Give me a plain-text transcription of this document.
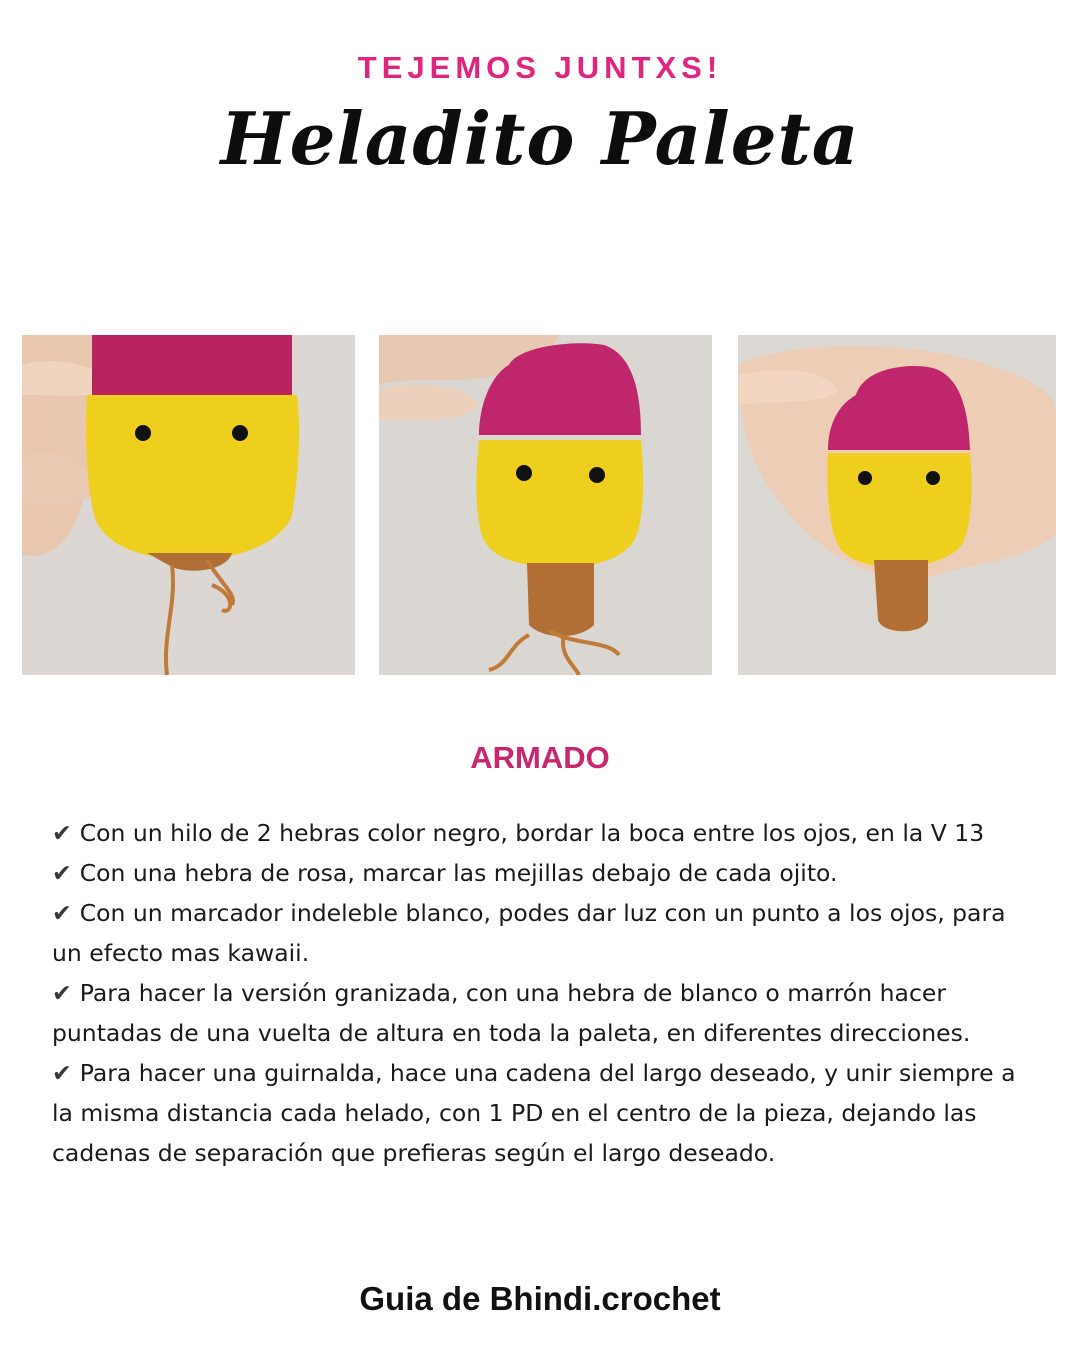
TEJEMOS JUNTXS!
Heladito Paleta
ARMADO
✔ Con un hilo de 2 hebras color negro, bordar la boca entre los ojos, en la V 13
✔ Con una hebra de rosa, marcar las mejillas debajo de cada ojito.
✔ Con un marcador indeleble blanco, podes dar luz con un punto a los ojos, para un efecto mas kawaii.
✔ Para hacer la versión granizada, con una hebra de blanco o marrón hacer puntadas de una vuelta de altura en toda la paleta, en diferentes direcciones.
✔ Para hacer una guirnalda, hace una cadena del largo deseado, y unir siempre a la misma distancia cada helado, con 1 PD en el centro de la pieza, dejando las cadenas de separación que prefieras según el largo deseado.
Guia de Bhindi.crochet
